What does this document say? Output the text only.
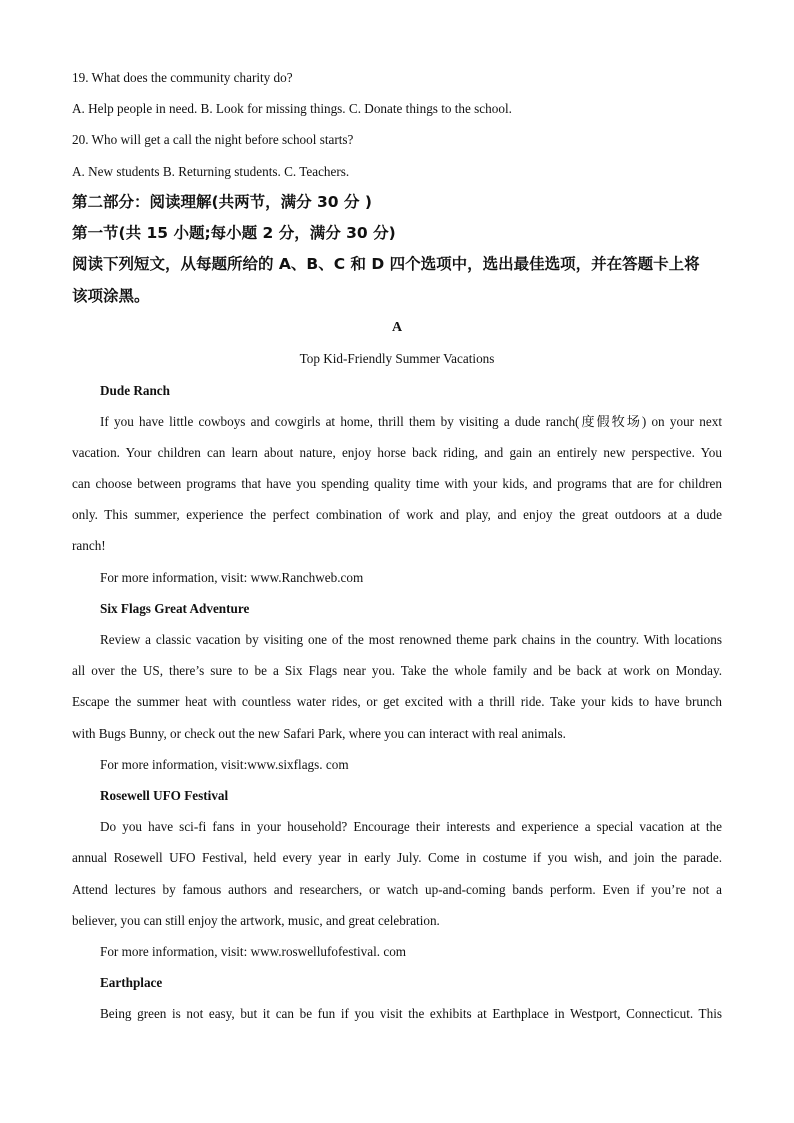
19. What does the community charity do?
A. Help people in need. B. Look for missing things. C. Donate things to the school.
20. Who will get a call the night before school starts?
A. New students B. Returning students. C. Teachers.
第二部分：阅读理解(共两节，满分 30 分 )
第一节(共 15 小题;每小题 2 分，满分 30 分)
阅读下列短文，从每题所给的 A、B、C 和 D 四个选项中，选出最佳选项，并在答题卡上将
该项涂黑。
A
Top Kid-Friendly Summer Vacations
Dude Ranch
If you have little cowboys and cowgirls at home, thrill them by visiting a dude ranch(度假牧场) on your next
vacation. Your children can learn about nature, enjoy horse back riding, and gain an entirely new perspective. You
can choose between programs that have you spending quality time with your kids, and programs that are for children
only. This summer, experience the perfect combination of work and play, and enjoy the great outdoors at a dude
ranch!
For more information, visit: www.Ranchweb.com
Six Flags Great Adventure
Review a classic vacation by visiting one of the most renowned theme park chains in the country. With locations
all over the US, there’s sure to be a Six Flags near you. Take the whole family and be back at work on Monday.
Escape the summer heat with countless water rides, or get excited with a thrill ride. Take your kids to have brunch
with Bugs Bunny, or check out the new Safari Park, where you can interact with real animals.
For more information, visit:www.sixflags. com
Rosewell UFO Festival
Do you have sci-fi fans in your household? Encourage their interests and experience a special vacation at the
annual Rosewell UFO Festival, held every year in early July. Come in costume if you wish, and join the parade.
Attend lectures by famous authors and researchers, or watch up-and-coming bands perform. Even if you’re not a
believer, you can still enjoy the artwork, music, and great celebration.
For more information, visit: www.roswellufofestival. com
Earthplace
Being green is not easy, but it can be fun if you visit the exhibits at Earthplace in Westport, Connecticut. This
